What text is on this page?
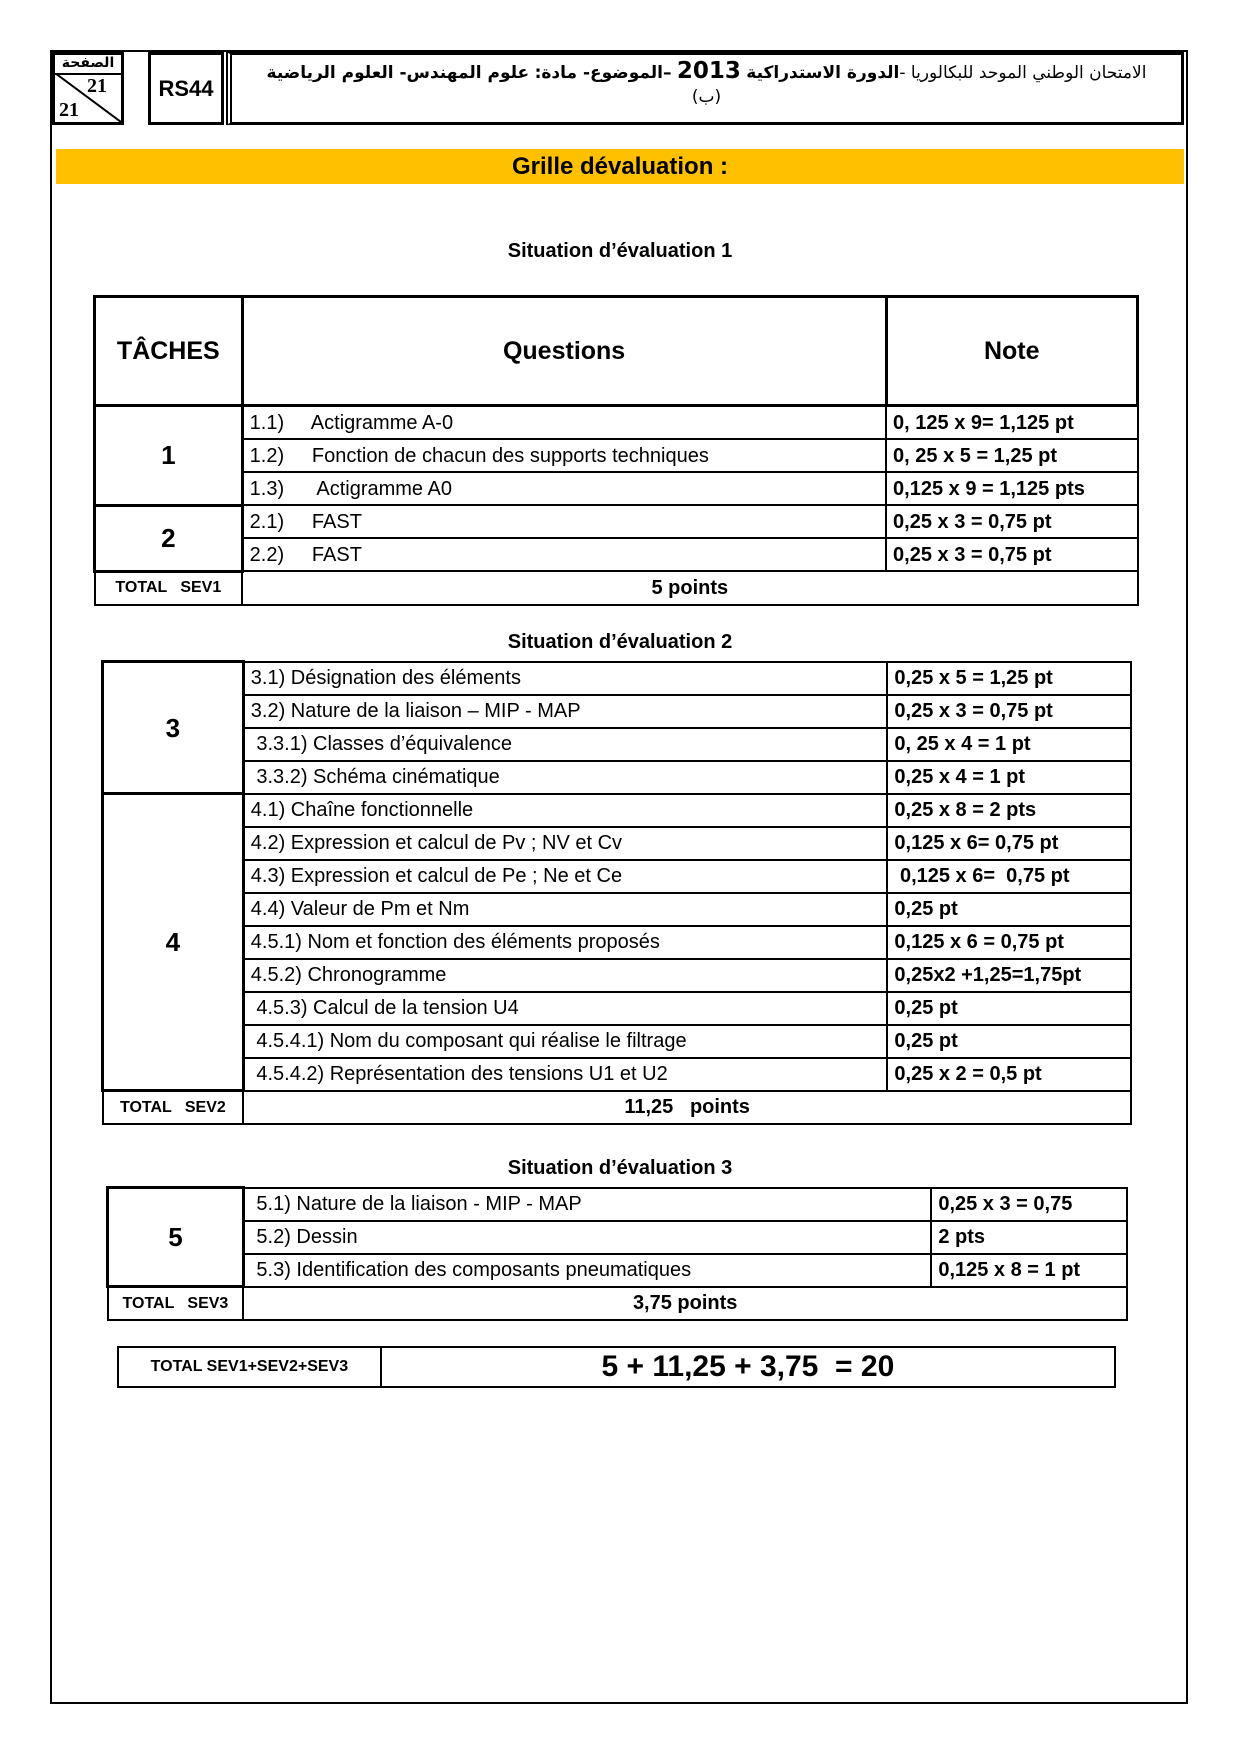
الصفحة
21
21
RS44
الامتحان الوطني الموحد للبكالوريا -الدورة الاستدراكية 2013 –الموضوع- مادة: علوم المهندس- العلوم الرياضية
(ب)
Grille dévaluation :
Situation d’évaluation 1
TÂCHES	Questions	Note
1	1.1)     Actigramme A-0	0, 125 x 9= 1,125 pt
	1.2)     Fonction de chacun des supports techniques	0, 25 x 5 = 1,25 pt
	1.3)      Actigramme A0	0,125 x 9 = 1,125 pts
2	2.1)     FAST	0,25 x 3 = 0,75 pt
	2.2)     FAST	0,25 x 3 = 0,75 pt
TOTAL   SEV1	5 points	
Situation d’évaluation 2
3	3.1) Désignation des éléments	0,25 x 5 = 1,25 pt
	3.2) Nature de la liaison – MIP - MAP	0,25 x 3 = 0,75 pt
	3.3.1) Classes d’équivalence	0, 25 x 4 = 1 pt
	3.3.2) Schéma cinématique	0,25 x 4 = 1 pt
4	4.1) Chaîne fonctionnelle	0,25 x 8 = 2 pts
	4.2) Expression et calcul de Pv ; NV et Cv	0,125 x 6= 0,75 pt
	4.3) Expression et calcul de Pe ; Ne et Ce	0,125 x 6=  0,75 pt
	4.4) Valeur de Pm et Nm	0,25 pt
	4.5.1) Nom et fonction des éléments proposés	0,125 x 6 = 0,75 pt
	4.5.2) Chronogramme	0,25x2 +1,25=1,75pt
	4.5.3) Calcul de la tension U4	0,25 pt
	4.5.4.1) Nom du composant qui réalise le filtrage	0,25 pt
	4.5.4.2) Représentation des tensions U1 et U2	0,25 x 2 = 0,5 pt
TOTAL   SEV2	11,25   points	
Situation d’évaluation 3
5	5.1) Nature de la liaison - MIP - MAP	0,25 x 3 = 0,75
	5.2) Dessin	2 pts
	5.3) Identification des composants pneumatiques	0,125 x 8 = 1 pt
TOTAL   SEV3	3,75 points	
TOTAL SEV1+SEV2+SEV3	5 + 11,25 + 3,75  = 20
